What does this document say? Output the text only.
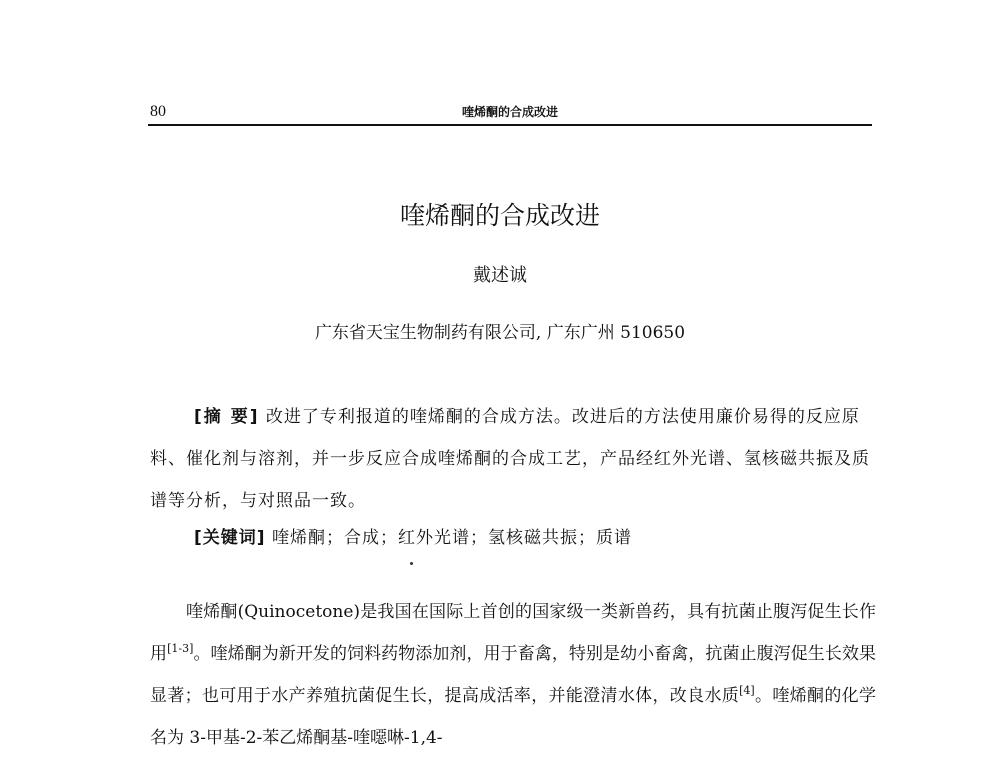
80	喹烯酮的合成改进
喹烯酮的合成改进
戴述诚
广东省天宝生物制药有限公司, 广东广州 510650
[摘 要] 改进了专利报道的喹烯酮的合成方法。改进后的方法使用廉价易得的反应原料、催化剂与溶剂，并一步反应合成喹烯酮的合成工艺，产品经红外光谱、氢核磁共振及质谱等分析，与对照品一致。
[关键词] 喹烯酮；合成；红外光谱；氢核磁共振；质谱

喹烯酮(Quinocetone)是我国在国际上首创的国家级一类新兽药，具有抗菌止腹泻促生长作用[1-3]。喹烯酮为新开发的饲料药物添加剂，用于畜禽，特别是幼小畜禽，抗菌止腹泻促生长效果显著；也可用于水产养殖抗菌促生长，提高成活率，并能澄清水体，改良水质[4]。喹烯酮的化学名为 3-甲基-2-苯乙烯酮基-喹噁啉-1,4-
